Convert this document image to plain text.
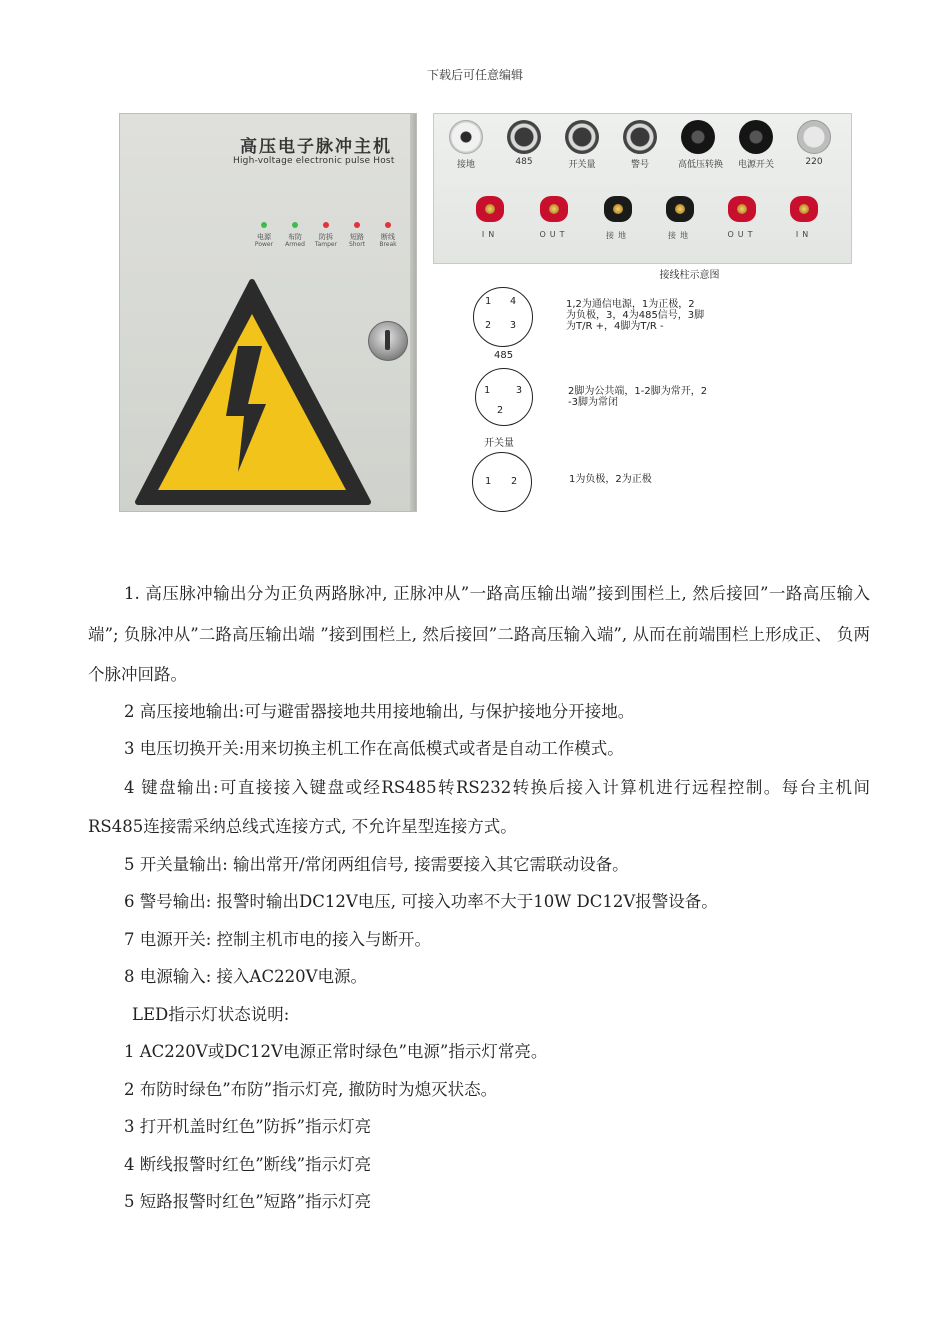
下载后可任意编辑
高压电子脉冲主机
High-voltage electronic pulse Host
电源
Power
布防
Armed
防拆
Tamper
短路
Short
断线
Break
接地	485	开关量	警号	高低压转换 电源开关	220
IN	OUT	接地	接地	OUT	IN
接线柱示意图
1 4
2 3
485
1,2为通信电源，1为正极，2
为负极，3，4为485信号，3脚
为T/R +，4脚为T/R -
1	3
2
开关量
2脚为公共端，1-2脚为常开，2
-3脚为常闭
1 2	1为负极，2为正极

1. 高压脉冲输出分为正负两路脉冲, 正脉冲从”一路高压输出端”接到围栏上, 然后接回”一路高压输入端”; 负脉冲从”二路高压输出端 ”接到围栏上, 然后接回”二路高压输入端”, 从而在前端围栏上形成正、 负两个脉冲回路。

2 高压接地输出:可与避雷器接地共用接地输出, 与保护接地分开接地。

3 电压切换开关:用来切换主机工作在高低模式或者是自动工作模式。

4 键盘输出:可直接接入键盘或经RS485转RS232转换后接入计算机进行远程控制。每台主机间RS485连接需采纳总线式连接方式, 不允许星型连接方式。

5 开关量输出: 输出常开/常闭两组信号, 接需要接入其它需联动设备。

6 警号输出: 报警时输出DC12V电压, 可接入功率不大于10W DC12V报警设备。

7 电源开关: 控制主机市电的接入与断开。

8 电源输入: 接入AC220V电源。

LED指示灯状态说明:

1 AC220V或DC12V电源正常时绿色”电源”指示灯常亮。

2 布防时绿色”布防”指示灯亮, 撤防时为熄灭状态。

3 打开机盖时红色”防拆”指示灯亮

4 断线报警时红色”断线”指示灯亮

5 短路报警时红色”短路”指示灯亮
